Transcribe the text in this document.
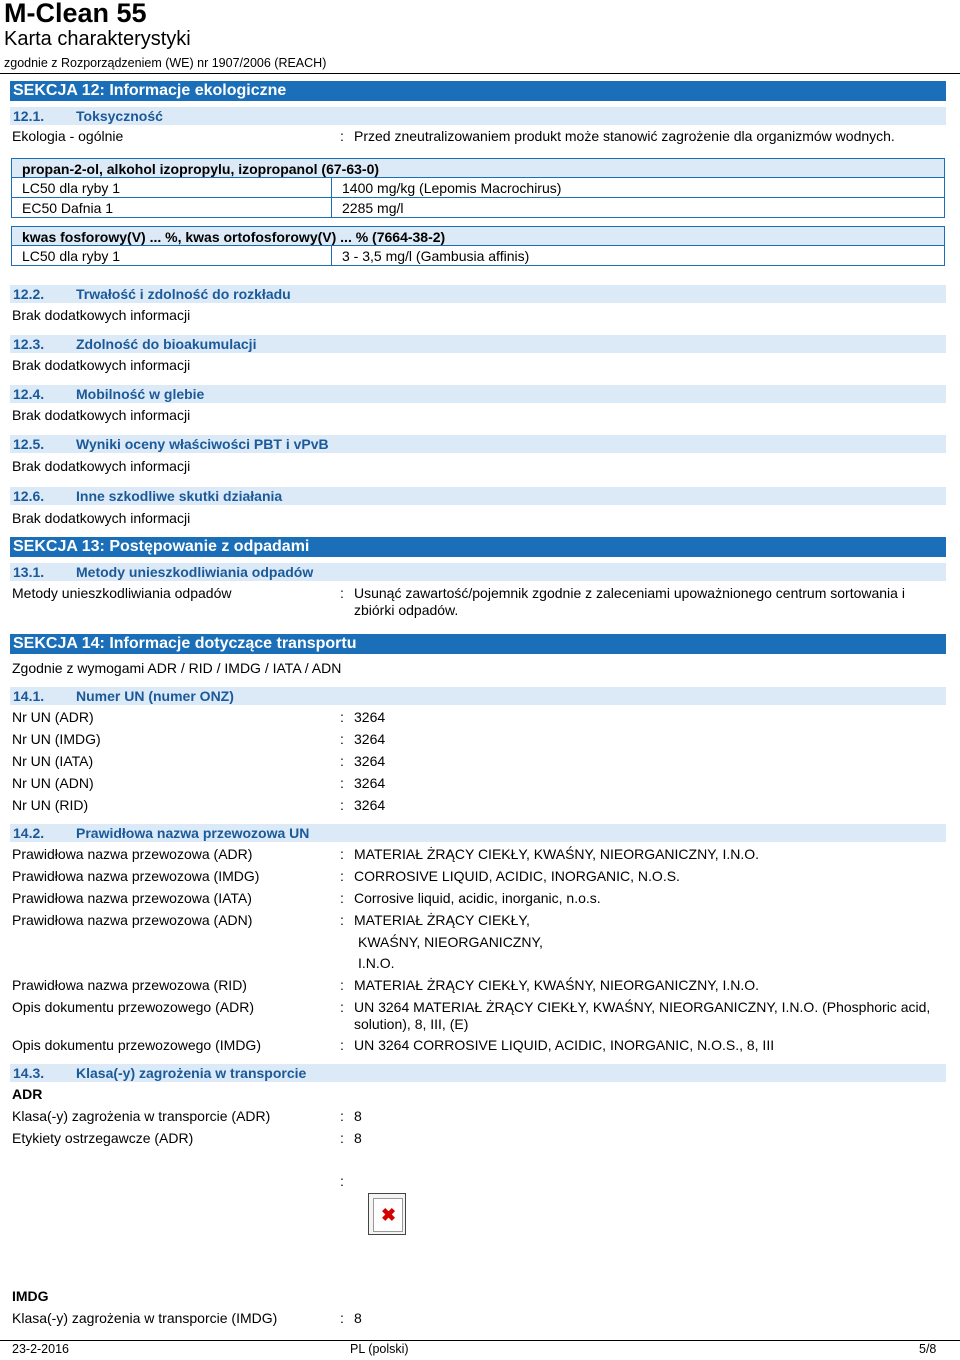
M-Clean 55
Karta charakterystyki
zgodnie z Rozporządzeniem (WE) nr 1907/2006 (REACH)
SEKCJA 12: Informacje ekologiczne
12.1. Toksyczność
Ekologia - ogólnie	: Przed zneutralizowaniem produkt może stanowić zagrożenie dla organizmów wodnych.
propan-2-ol, alkohol izopropylu, izopropanol (67-63-0)
LC50 dla ryby 1	1400 mg/kg (Lepomis Macrochirus)
EC50 Dafnia 1	2285 mg/l
kwas fosforowy(V) ... %, kwas ortofosforowy(V) ... % (7664-38-2)
LC50 dla ryby 1	3 - 3,5 mg/l (Gambusia affinis)
12.2. Trwałość i zdolność do rozkładu
Brak dodatkowych informacji
12.3. Zdolność do bioakumulacji
Brak dodatkowych informacji
12.4. Mobilność w glebie
Brak dodatkowych informacji
12.5. Wyniki oceny właściwości PBT i vPvB
Brak dodatkowych informacji
12.6. Inne szkodliwe skutki działania
Brak dodatkowych informacji
SEKCJA 13: Postępowanie z odpadami
13.1. Metody unieszkodliwiania odpadów
Metody unieszkodliwiania odpadów	: Usunąć zawartość/pojemnik zgodnie z zaleceniami upoważnionego centrum sortowania i
zbiórki odpadów.
SEKCJA 14: Informacje dotyczące transportu
Zgodnie z wymogami ADR / RID / IMDG / IATA / ADN
14.1. Numer UN (numer ONZ)
Nr UN (ADR)	: 3264
Nr UN (IMDG)	: 3264
Nr UN (IATA)	: 3264
Nr UN (ADN)	: 3264
Nr UN (RID)	: 3264
14.2. Prawidłowa nazwa przewozowa UN
Prawidłowa nazwa przewozowa (ADR)	: MATERIAŁ ŻRĄCY CIEKŁY, KWAŚNY, NIEORGANICZNY, I.N.O.
Prawidłowa nazwa przewozowa (IMDG)	: CORROSIVE LIQUID, ACIDIC, INORGANIC, N.O.S.
Prawidłowa nazwa przewozowa (IATA)	: Corrosive liquid, acidic, inorganic, n.o.s.
Prawidłowa nazwa przewozowa (ADN)	: MATERIAŁ ŻRĄCY CIEKŁY,
KWAŚNY, NIEORGANICZNY,
I.N.O.
Prawidłowa nazwa przewozowa (RID)	: MATERIAŁ ŻRĄCY CIEKŁY, KWAŚNY, NIEORGANICZNY, I.N.O.
Opis dokumentu przewozowego (ADR)	: UN 3264 MATERIAŁ ŻRĄCY CIEKŁY, KWAŚNY, NIEORGANICZNY, I.N.O. (Phosphoric acid,
solution), 8, III, (E)
Opis dokumentu przewozowego (IMDG)	: UN 3264 CORROSIVE LIQUID, ACIDIC, INORGANIC, N.O.S., 8, III
14.3. Klasa(-y) zagrożenia w transporcie
ADR
Klasa(-y) zagrożenia w transporcie (ADR)	: 8
Etykiety ostrzegawcze (ADR)	: 8
:
✖
IMDG
Klasa(-y) zagrożenia w transporcie (IMDG)	: 8
23-2-2016	PL (polski)	5/8
